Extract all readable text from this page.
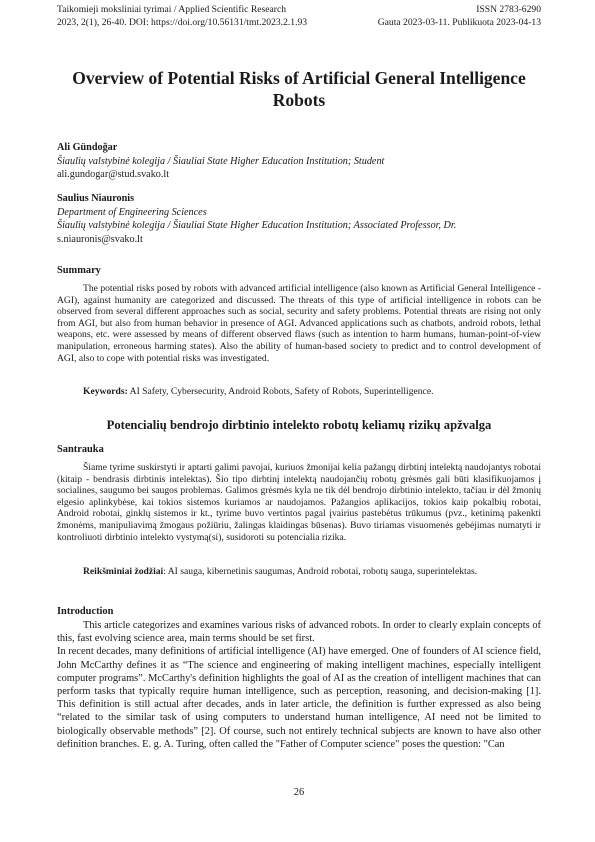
Taikomieji moksliniai tyrimai / Applied Scientific Research	ISSN 2783-6290
2023, 2(1), 26-40. DOI: https://doi.org/10.56131/tmt.2023.2.1.93	Gauta 2023-03-11. Publikuota 2023-04-13
Overview of Potential Risks of Artificial General Intelligence Robots
Ali Gündoğar
Šiaulių valstybinė kolegija / Šiauliai State Higher Education Institution; Student
ali.gundogar@stud.svako.lt
Saulius Niauronis
Department of Engineering Sciences
Šiaulių valstybinė kolegija / Šiauliai State Higher Education Institution; Associated Professor, Dr.
s.niauronis@svako.lt
Summary
The potential risks posed by robots with advanced artificial intelligence (also known as Artificial General Intelligence - AGI), against humanity are categorized and discussed. The threats of this type of artificial intelligence in robots can be observed from several different approaches such as social, security and safety problems. Potential threats are rising not only from AGI, but also from human behavior in presence of AGI. Advanced applications such as chatbots, android robots, lethal weapons, etc. were assessed by means of different observed flaws (such as intention to harm humans, human-point-of-view manipulation, erroneous harming states). Also the ability of human-based society to predict and to control development of AGI, also to cope with potential risks was investigated.
Keywords: AI Safety, Cybersecurity, Android Robots, Safety of Robots, Superintelligence.
Potencialių bendrojo dirbtinio intelekto robotų keliamų rizikų apžvalga
Santrauka
Šiame tyrime suskirstyti ir aptarti galimi pavojai, kuriuos žmonijai kelia pažangų dirbtinį intelektą naudojantys robotai (kitaip - bendrasis dirbtinis intelektas). Šio tipo dirbtinį intelektą naudojančių robotų grėsmės gali būti klasifikuojamos į socialines, saugumo bei saugos problemas. Galimos grėsmės kyla ne tik dėl bendrojo dirbtinio intelekto, tačiau ir dėl žmonių elgesio aplinkybėse, kai tokios sistemos kuriamos ar naudojamos. Pažangios aplikacijos, tokios kaip pokalbių robotai, Android robotai, ginklų sistemos ir kt., tyrime buvo vertintos pagal įvairius pastebėtus trūkumus (pvz., ketinimą pakenkti žmonėms, manipuliavimą žmogaus požiūriu, žalingas klaidingas būsenas). Buvo tiriamas visuomenės gebėjimas numatyti ir kontroliuoti dirbtinio intelekto vystymą(si), susidoroti su potencialia rizika.
Reikšminiai žodžiai: AI sauga, kibernetinis saugumas, Android robotai, robotų sauga, superintelektas.
Introduction

This article categorizes and examines various risks of advanced robots. In order to clearly explain concepts of this, fast evolving science area, main terms should be set first.

In recent decades, many definitions of artificial intelligence (AI) have emerged. One of founders of AI science field, John McCarthy defines it as “The science and engineering of making intelligent machines, especially intelligent computer programs”. McCarthy's definition highlights the goal of AI as the creation of intelligent machines that can perform tasks that typically require human intelligence, such as perception, reasoning, and decision-making [1]. This definition is still actual after decades, ands in later article, the definition is further expressed as also being “related to the similar task of using computers to understand human intelligence, AI need not be limited to biologically observable methods” [2]. Of course, such not entirely technical subjects are known to have also other definition branches. E. g. A. Turing, often called the "Father of Computer science" poses the question: "Can

26
